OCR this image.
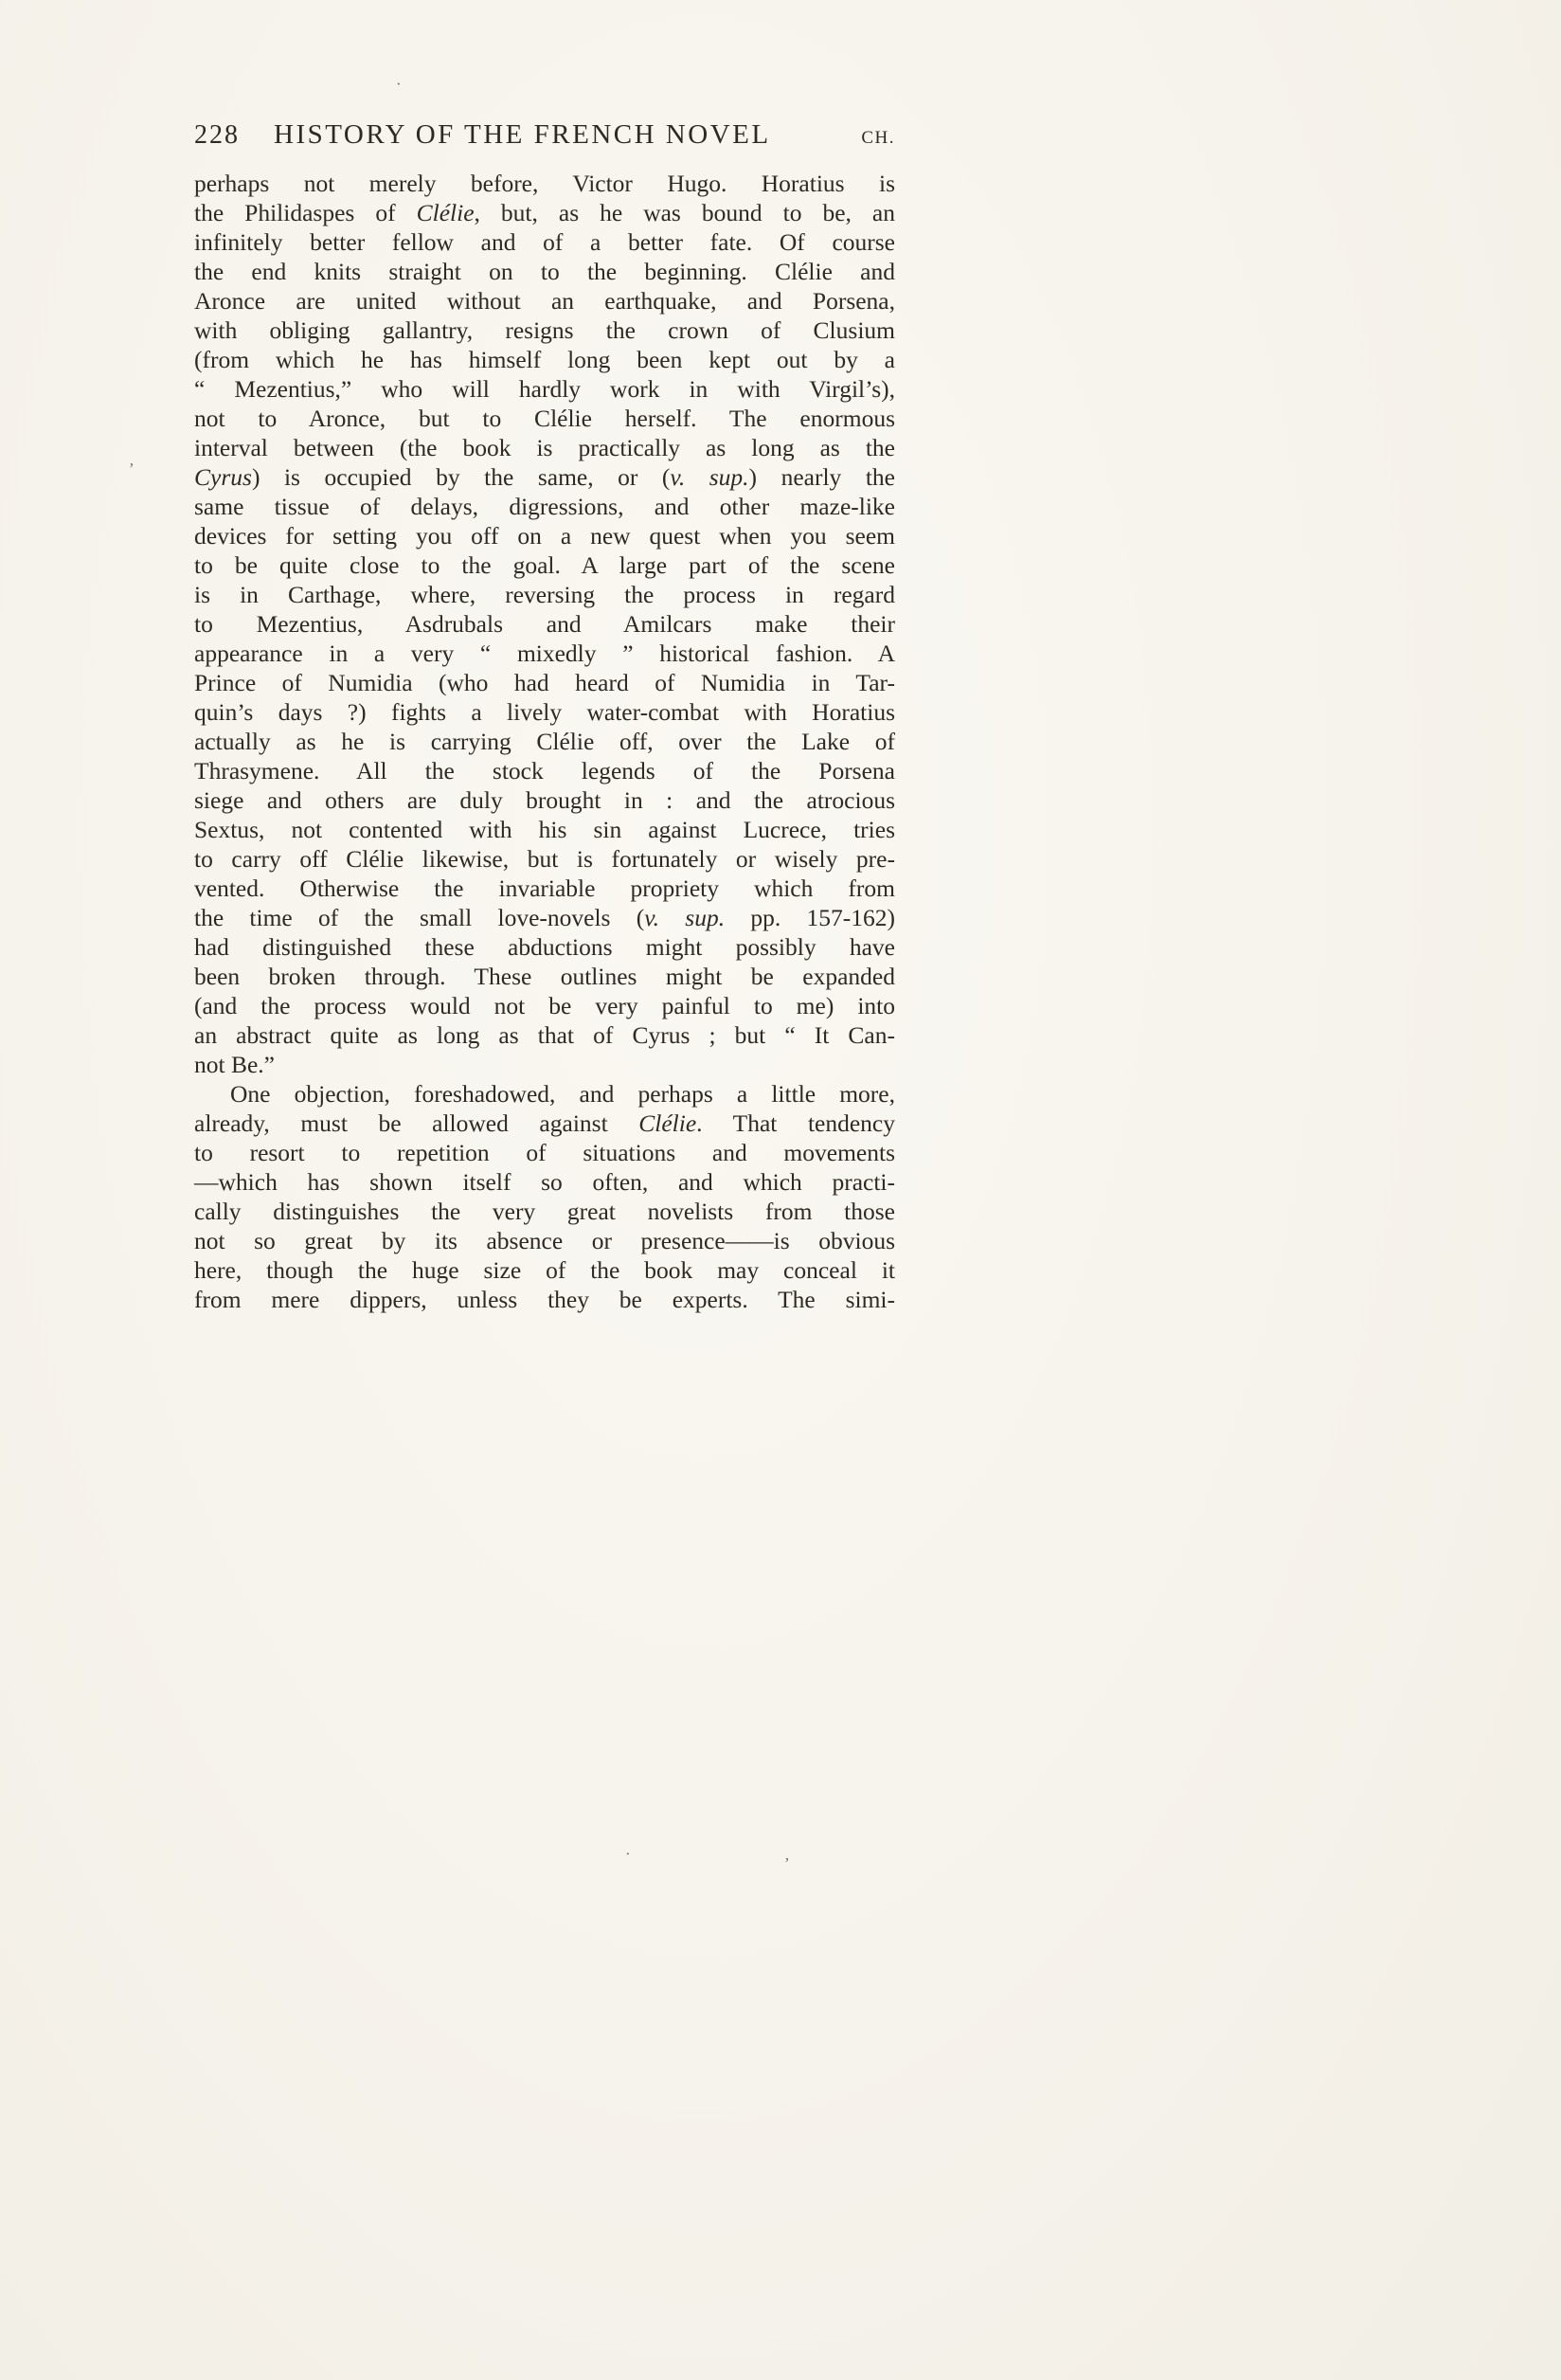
228 HISTORY OF THE FRENCH NOVEL	CH.
perhaps not merely before, Victor Hugo. Horatius is
the Philidaspes of Clélie, but, as he was bound to be, an
infinitely better fellow and of a better fate. Of course
the end knits straight on to the beginning. Clélie and
Aronce are united without an earthquake, and Porsena,
with obliging gallantry, resigns the crown of Clusium
(from which he has himself long been kept out by a
“ Mezentius,” who will hardly work in with Virgil’s),
not to Aronce, but to Clélie herself. The enormous
interval between (the book is practically as long as the
Cyrus) is occupied by the same, or (v. sup.) nearly the
same tissue of delays, digressions, and other maze-like
devices for setting you off on a new quest when you seem
to be quite close to the goal. A large part of the scene
is in Carthage, where, reversing the process in regard
to Mezentius, Asdrubals and Amilcars make their
appearance in a very “ mixedly ” historical fashion. A
Prince of Numidia (who had heard of Numidia in Tar-
quin’s days ?) fights a lively water-combat with Horatius
actually as he is carrying Clélie off, over the Lake of
Thrasymene. All the stock legends of the Porsena
siege and others are duly brought in : and the atrocious
Sextus, not contented with his sin against Lucrece, tries
to carry off Clélie likewise, but is fortunately or wisely pre-
vented. Otherwise the invariable propriety which from
the time of the small love-novels (v. sup. pp. 157-162)
had distinguished these abductions might possibly have
been broken through. These outlines might be expanded
(and the process would not be very painful to me) into
an abstract quite as long as that of Cyrus ; but “ It Can-
not Be.”
One objection, foreshadowed, and perhaps a little more,
already, must be allowed against Clélie. That tendency
to resort to repetition of situations and movements
—which has shown itself so often, and which practi-
cally distinguishes the very great novelists from those
not so great by its absence or presence——is obvious
here, though the huge size of the book may conceal it
from mere dippers, unless they be experts. The simi-
·
’
·
’
